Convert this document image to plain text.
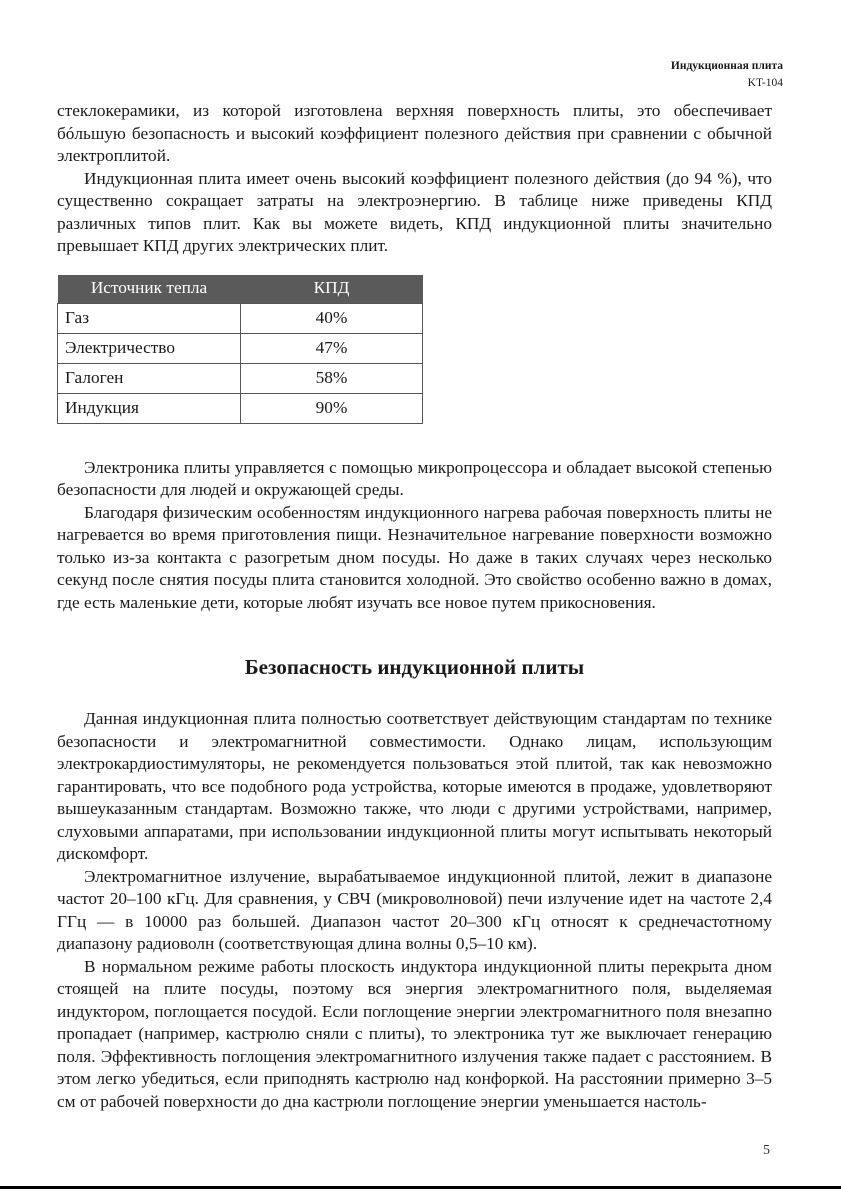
Индукционная плита
KT-104

стеклокерамики, из которой изготовлена верхняя поверхность плиты, это обеспечивает бóльшую безопасность и высокий коэффициент полезного действия при сравнении с обычной электроплитой.

Индукционная плита имеет очень высокий коэффициент полезного действия (до 94 %), что существенно сокращает затраты на электроэнергию. В таблице ниже приведены КПД различных типов плит. Как вы можете видеть, КПД индукционной плиты значительно превышает КПД других электрических плит.

Источник тепла	КПД
Газ	40%
Электричество	47%
Галоген	58%
Индукция	90%

Электроника плиты управляется с помощью микропроцессора и обладает высокой степенью безопасности для людей и окружающей среды.

Благодаря физическим особенностям индукционного нагрева рабочая поверхность плиты не нагревается во время приготовления пищи. Незначительное нагревание поверхности возможно только из-за контакта с разогретым дном посуды. Но даже в таких случаях через несколько секунд после снятия посуды плита становится холодной. Это свойство особенно важно в домах, где есть маленькие дети, которые любят изучать все новое путем прикосновения.

Безопасность индукционной плиты

Данная индукционная плита полностью соответствует действующим стандартам по технике безопасности и электромагнитной совместимости. Однако лицам, использующим электрокардиостимуляторы, не рекомендуется пользоваться этой плитой, так как невозможно гарантировать, что все подобного рода устройства, которые имеются в продаже, удовлетворяют вышеуказанным стандартам. Возможно также, что люди с другими устройствами, например, слуховыми аппаратами, при использовании индукционной плиты могут испытывать некоторый дискомфорт.

Электромагнитное излучение, вырабатываемое индукционной плитой, лежит в диапазоне частот 20–100 кГц. Для сравнения, у СВЧ (микроволновой) печи излучение идет на частоте 2,4 ГГц — в 10000 раз большей. Диапазон частот 20–300 кГц относят к среднечастотному диапазону радиоволн (соответствующая длина волны 0,5–10 км).

В нормальном режиме работы плоскость индуктора индукционной плиты перекрыта дном стоящей на плите посуды, поэтому вся энергия электромагнитного поля, выделяемая индуктором, поглощается посудой. Если поглощение энергии электромагнитного поля внезапно пропадает (например, кастрюлю сняли с плиты), то электроника тут же выключает генерацию поля. Эффективность поглощения электромагнитного излучения также падает с расстоянием. В этом легко убедиться, если приподнять кастрюлю над конфоркой. На расстоянии примерно 3–5 см от рабочей поверхности до дна кастрюли поглощение энергии уменьшается настоль-

5
